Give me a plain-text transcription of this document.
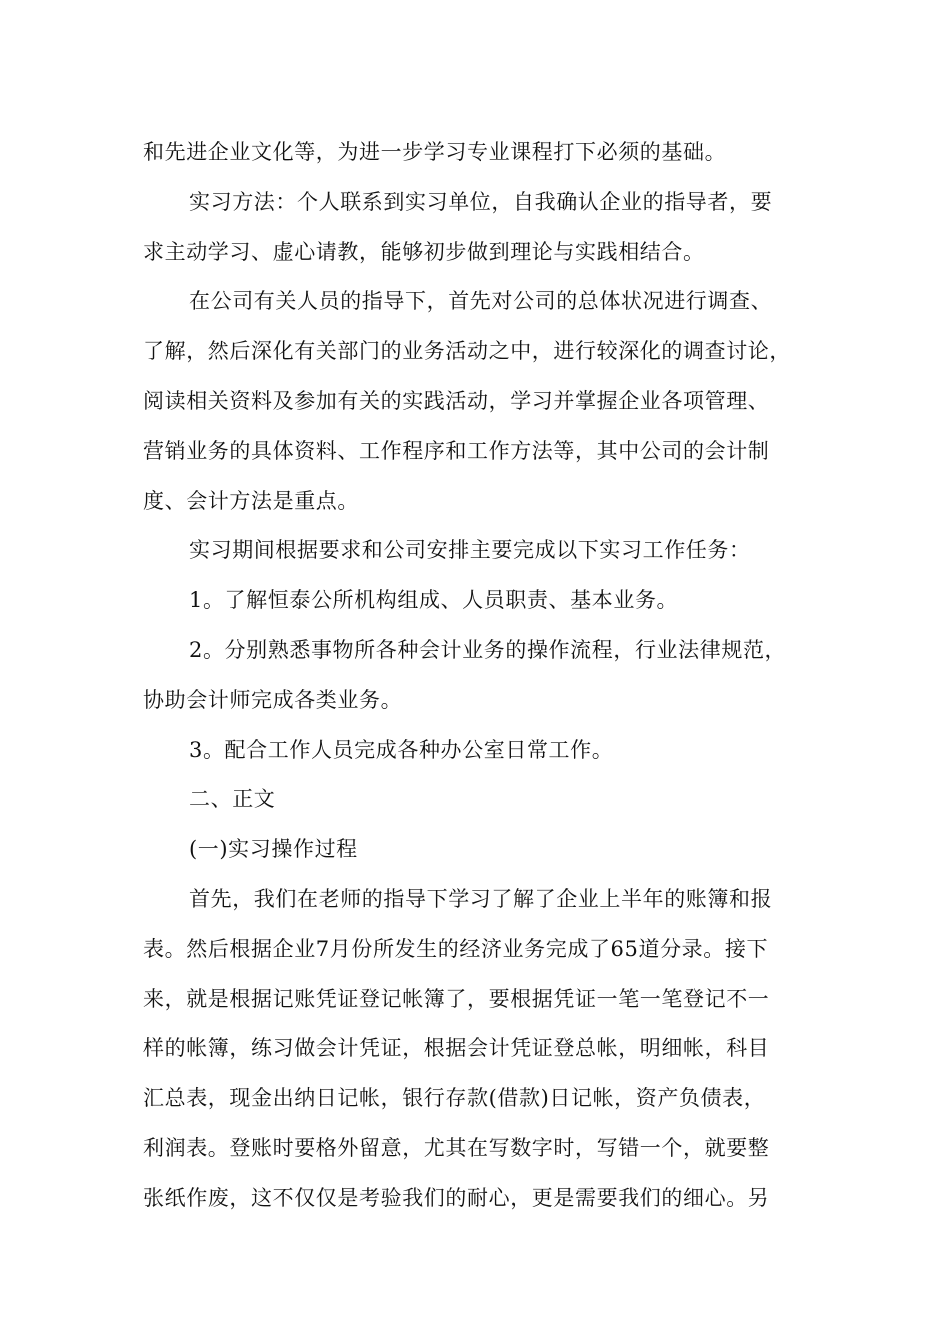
和先进企业文化等，为进一步学习专业课程打下必须的基础。
实习方法：个人联系到实习单位，自我确认企业的指导者，要
求主动学习、虚心请教，能够初步做到理论与实践相结合。
在公司有关人员的指导下，首先对公司的总体状况进行调查、
了解，然后深化有关部门的业务活动之中，进行较深化的调查讨论，
阅读相关资料及参加有关的实践活动，学习并掌握企业各项管理、
营销业务的具体资料、工作程序和工作方法等，其中公司的会计制
度、会计方法是重点。
实习期间根据要求和公司安排主要完成以下实习工作任务：
1。了解恒泰公所机构组成、人员职责、基本业务。
2。分别熟悉事物所各种会计业务的操作流程，行业法律规范，
协助会计师完成各类业务。
3。配合工作人员完成各种办公室日常工作。
二、正文
(一)实习操作过程
首先，我们在老师的指导下学习了解了企业上半年的账簿和报
表。然后根据企业7月份所发生的经济业务完成了65道分录。接下
来，就是根据记账凭证登记帐簿了，要根据凭证一笔一笔登记不一
样的帐簿，练习做会计凭证，根据会计凭证登总帐，明细帐，科目
汇总表，现金出纳日记帐，银行存款(借款)日记帐，资产负债表，
利润表。登账时要格外留意，尤其在写数字时，写错一个，就要整
张纸作废，这不仅仅是考验我们的耐心，更是需要我们的细心。另
